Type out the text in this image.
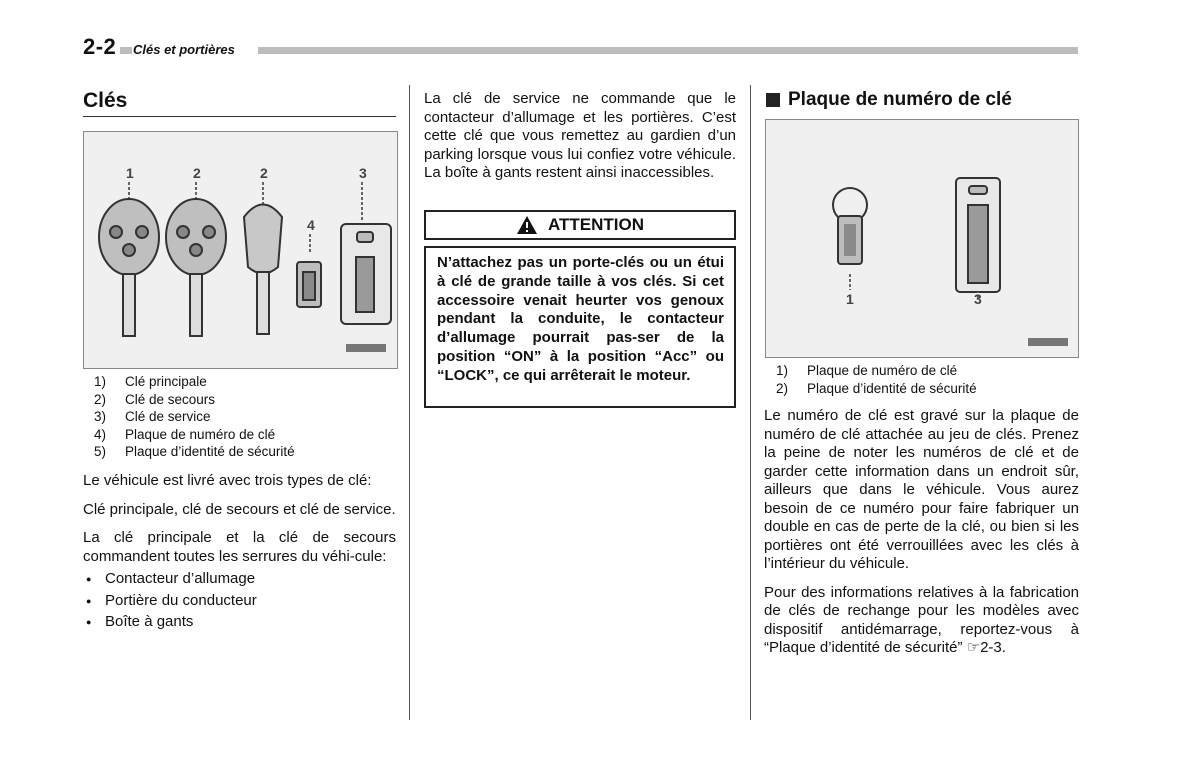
2-2 Clés et portières
Clés
1	2	2
4
3
1)	Clé principale
2)	Clé de secours
3)	Clé de service
4)	Plaque de numéro de clé
5)	Plaque d’identité de sécurité

Le véhicule est livré avec trois types de clé:

Clé principale, clé de secours et clé de service.

La clé principale et la clé de secours commandent toutes les serrures du véhi-cule:

● Contacteur d’allumage
● Portière du conducteur
● Boîte à gants

La clé de service ne commande que le contacteur d’allumage et les portières. C’est cette clé que vous remettez au gardien d’un parking lorsque vous lui confiez votre véhicule. La boîte à gants restent ainsi inaccessibles.

ATTENTION
N’attachez pas un porte-clés ou un étui à clé de grande taille à vos clés. Si cet accessoire venait heurter vos genoux pendant la conduite, le contacteur d’allumage pourrait pas-ser de la position “ON” à la position “Acc” ou “LOCK”, ce qui arrêterait le moteur.
Plaque de numéro de clé
1	3
1)	Plaque de numéro de clé
2)	Plaque d’identité de sécurité

Le numéro de clé est gravé sur la plaque de numéro de clé attachée au jeu de clés. Prenez la peine de noter les numéros de clé et de garder cette information dans un endroit sûr, ailleurs que dans le véhicule. Vous aurez besoin de ce numéro pour faire fabriquer un double en cas de perte de la clé, ou bien si les portières ont été verrouillées avec les clés à l’intérieur du véhicule.

Pour des informations relatives à la fabrication de clés de rechange pour les modèles avec dispositif antidémarrage, reportez-vous à “Plaque d’identité de sécurité” ☞2-3.
